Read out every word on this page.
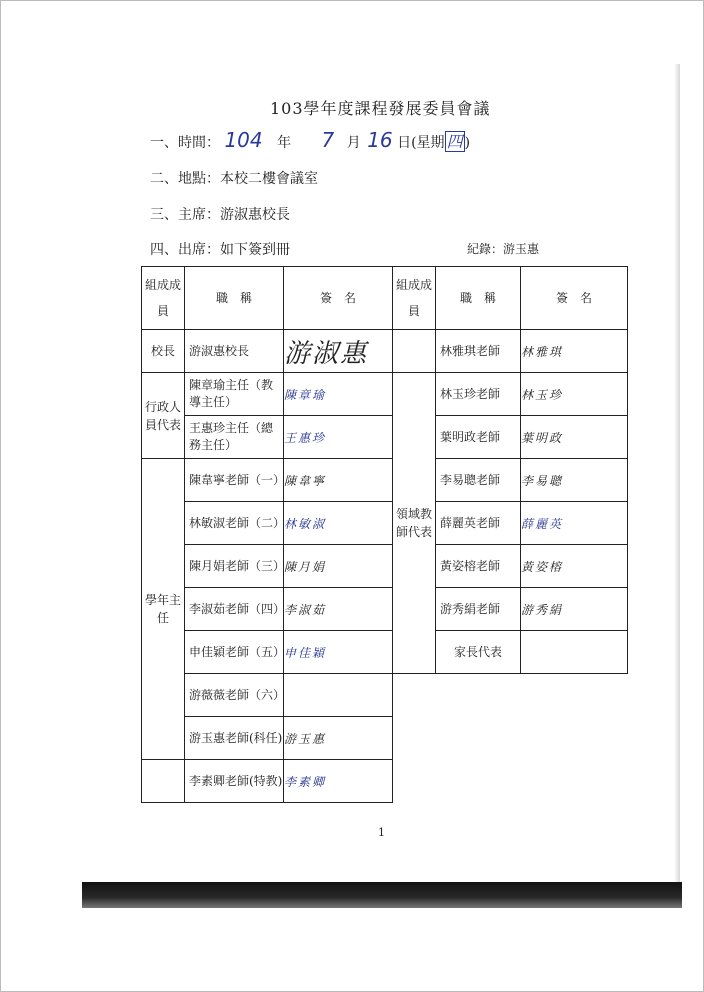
103學年度課程發展委員會議
一、時間： 104 年 7 月 16 日(星期 四 )
二、地點：本校二樓會議室
三、主席：游淑惠校長
四、出席：如下簽到冊	紀錄：游玉惠
組成成員	職　稱	簽　名	組成成員	職　稱	簽　名	
校長	游淑惠校長	游淑惠		林雅琪老師	林雅琪	
行政人員代表	陳章瑜主任（教導主任）	陳章瑜	領域教師代表	林玉珍老師	林玉珍	
	王惠珍主任（總務主任）	王惠珍		葉明政老師	葉明政	
學年主任	陳韋寧老師（一）	陳韋寧		李易聰老師	李易聰	
	林敏淑老師（二）	林敏淑		薛麗英老師	薛麗英	
	陳月娟老師（三）	陳月娟		黃姿榕老師	黃姿榕	
	李淑茹老師（四）	李淑茹		游秀絹老師	游秀絹	
	申佳穎老師（五）	申佳穎		家長代表		
	游薇薇老師（六）					
	游玉惠老師(科任)	游玉惠				
	李素卿老師(特教)	李素卿				
1
